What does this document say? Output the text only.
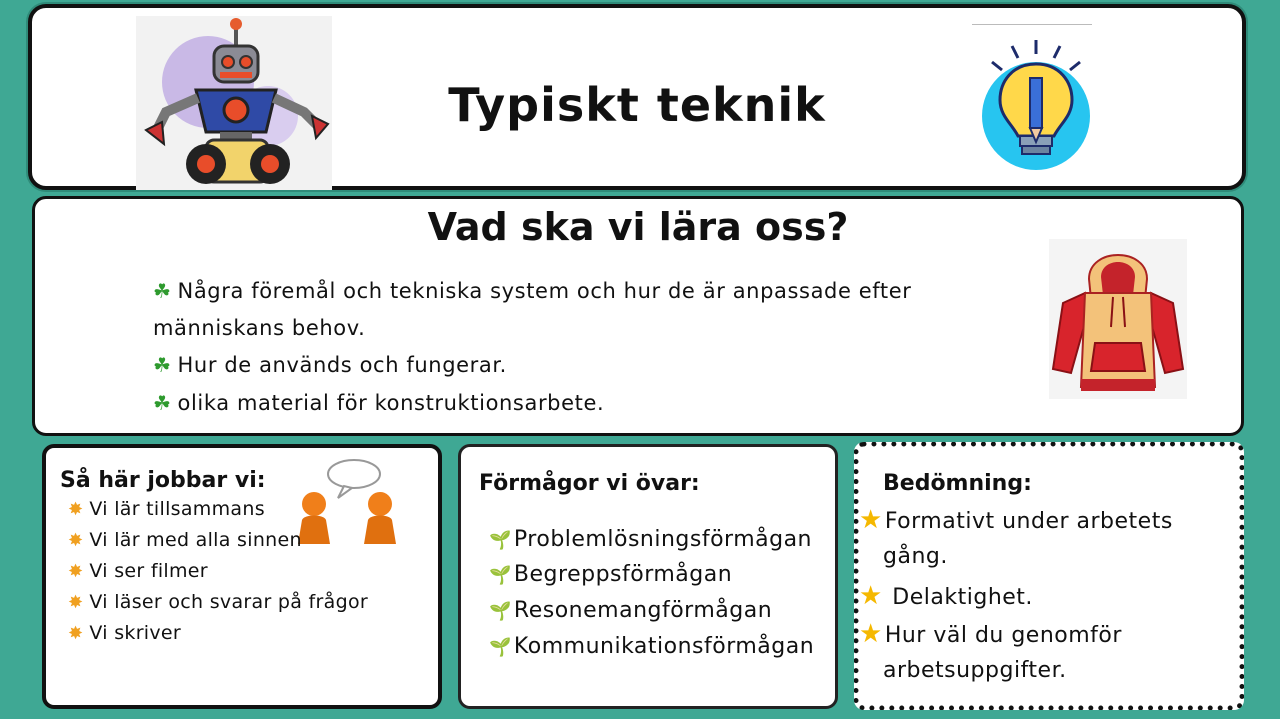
Typiskt teknik
Vad ska vi lära oss?
☘ Några föremål och tekniska system och hur de är anpassade efter
människans behov.
☘ Hur de används och fungerar.
☘ olika material för konstruktionsarbete.
Så här jobbar vi:
✸ Vi lär tillsammans
✸ Vi lär med alla sinnen
✸ Vi ser filmer
✸ Vi läser och svarar på frågor
✸ Vi skriver
Förmågor vi övar:
🌱Problemlösningsförmågan
🌱Begreppsförmågan
🌱Resonemangförmågan
🌱Kommunikationsförmågan
Bedömning:
★Formativt under arbetets
gång.
★ Delaktighet.
★Hur väl du genomför
arbetsuppgifter.
